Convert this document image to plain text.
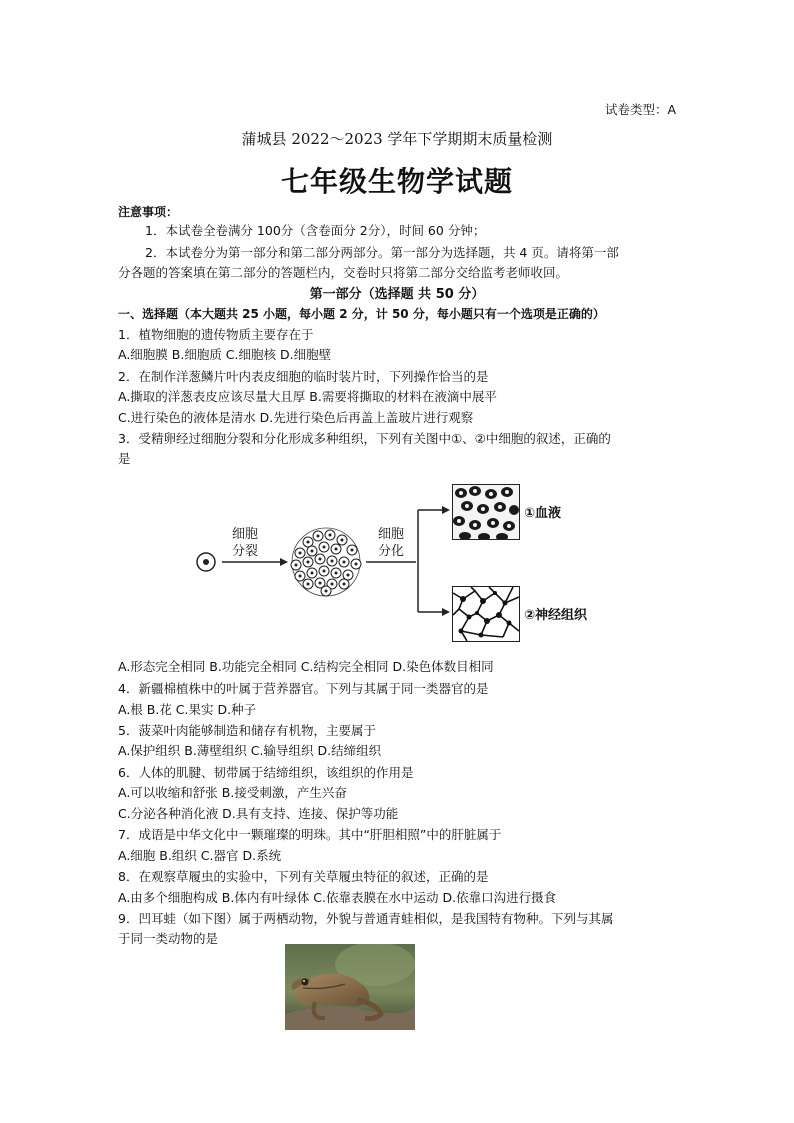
试卷类型：A
蒲城县 2022～2023 学年下学期期末质量检测
七年级生物学试题
注意事项：
1．本试卷全卷满分 100分（含卷面分 2分），时间 60 分钟；
2．本试卷分为第一部分和第二部分两部分。第一部分为选择题，共 4 页。请将第一部
分各题的答案填在第二部分的答题栏内，交卷时只将第二部分交给监考老师收回。
第一部分（选择题 共 50 分）
一、选择题（本大题共 25 小题，每小题 2 分，计 50 分，每小题只有一个选项是正确的）
1．植物细胞的遗传物质主要存在于
A.细胞膜 B.细胞质 C.细胞核 D.细胞壁
2．在制作洋葱鳞片叶内表皮细胞的临时装片时，下列操作恰当的是
A.撕取的洋葱表皮应该尽量大且厚 B.需要将撕取的材料在液滴中展平
C.进行染色的液体是清水 D.先进行染色后再盖上盖玻片进行观察
3．受精卵经过细胞分裂和分化形成多种组织，下列有关图中①、②中细胞的叙述，正确的
是
细胞
分裂
细胞
分化
①血液
②神经组织
A.形态完全相同 B.功能完全相同 C.结构完全相同 D.染色体数目相同
4．新疆棉植株中的叶属于营养器官。下列与其属于同一类器官的是
A.根 B.花 C.果实 D.种子
5．菠菜叶肉能够制造和储存有机物，主要属于
A.保护组织 B.薄壁组织 C.输导组织 D.结缔组织
6．人体的肌腱、韧带属于结缔组织，该组织的作用是
A.可以收缩和舒张 B.接受刺激，产生兴奋
C.分泌各种消化液 D.具有支持、连接、保护等功能
7．成语是中华文化中一颗璀璨的明珠。其中“肝胆相照”中的肝脏属于
A.细胞 B.组织 C.器官 D.系统
8．在观察草履虫的实验中，下列有关草履虫特征的叙述，正确的是
A.由多个细胞构成 B.体内有叶绿体 C.依靠表膜在水中运动 D.依靠口沟进行摄食
9．凹耳蛙（如下图）属于两栖动物，外貌与普通青蛙相似，是我国特有物种。下列与其属
于同一类动物的是
